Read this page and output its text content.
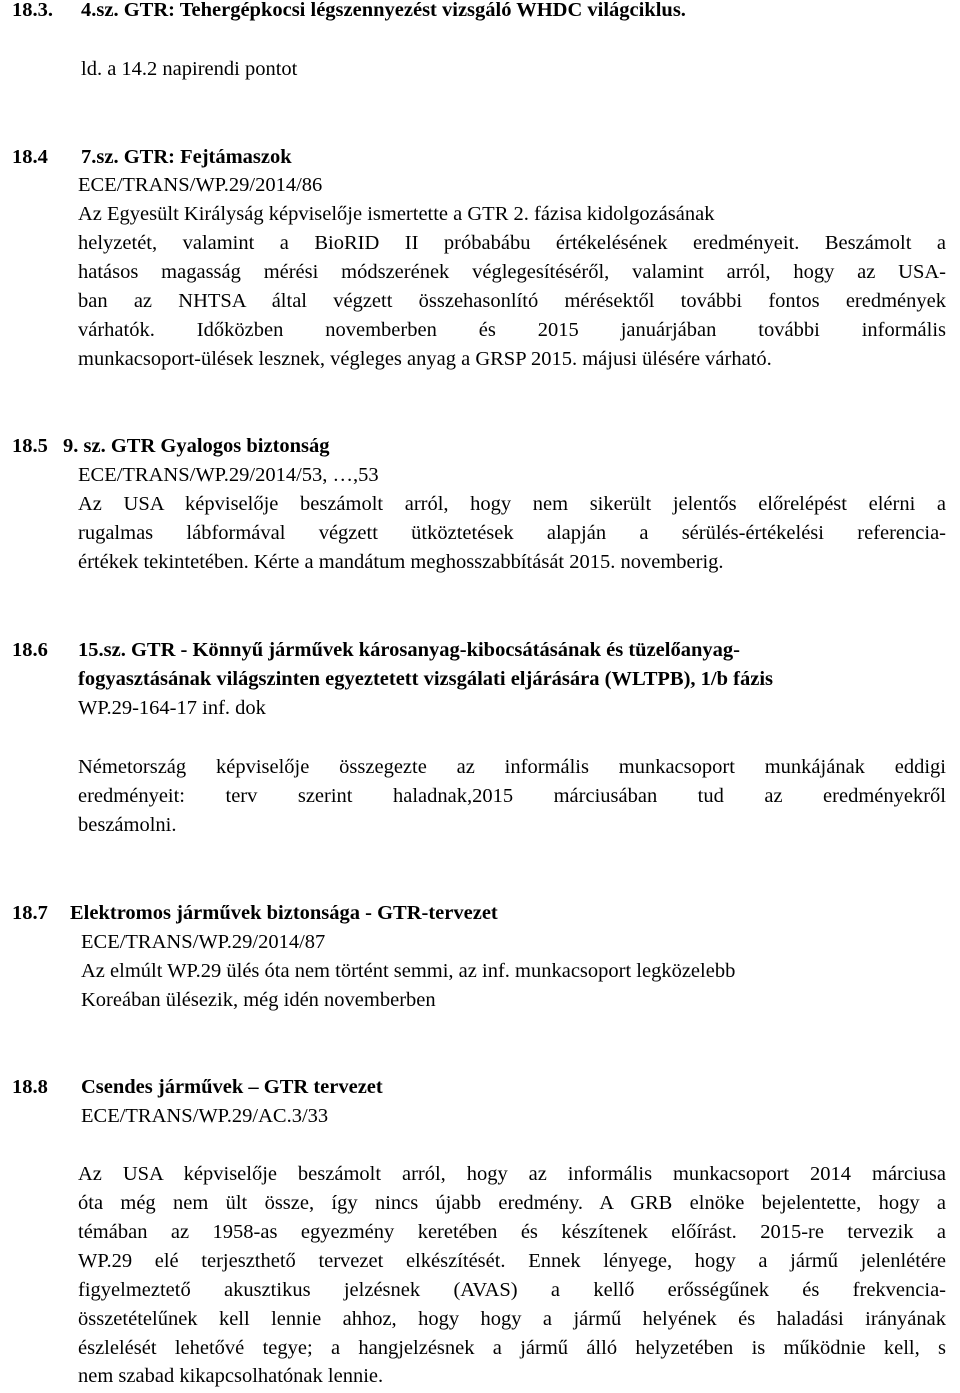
18.3. 4.sz. GTR: Tehergépkocsi légszennyezést vizsgáló WHDC világciklus.
ld. a 14.2 napirendi pontot
18.4 7.sz. GTR: Fejtámaszok
ECE/TRANS/WP.29/2014/86
Az Egyesült Királyság képviselője ismertette a GTR 2. fázisa kidolgozásának
helyzetét, valamint a BioRID II próbabábu értékelésének eredményeit. Beszámolt a
hatásos magasság mérési módszerének véglegesítéséről, valamint arról, hogy az USA-
ban az NHTSA által végzett összehasonlító mérésektől további fontos eredmények
várhatók. Időközben novemberben és 2015 januárjában további informális
munkacsoport-ülések lesznek, végleges anyag a GRSP 2015. májusi ülésére várható.
18.5 9. sz. GTR Gyalogos biztonság
ECE/TRANS/WP.29/2014/53, …,53
Az USA képviselője beszámolt arról, hogy nem sikerült jelentős előrelépést elérni a
rugalmas lábformával végzett ütköztetések alapján a sérülés-értékelési referencia-
értékek tekintetében. Kérte a mandátum meghosszabbítását 2015. novemberig.
18.6 15.sz. GTR - Könnyű járművek károsanyag-kibocsátásának és tüzelőanyag-
fogyasztásának világszinten egyeztetett vizsgálati eljárására (WLTPB), 1/b fázis
WP.29-164-17 inf. dok
Németország képviselője összegezte az informális munkacsoport munkájának eddigi
eredményeit: terv szerint haladnak,2015 márciusában tud az eredményekről
beszámolni.
18.7 Elektromos járművek biztonsága - GTR-tervezet
ECE/TRANS/WP.29/2014/87
Az elmúlt WP.29 ülés óta nem történt semmi, az inf. munkacsoport legközelebb
Koreában ülésezik, még idén novemberben
18.8 Csendes járművek – GTR tervezet
ECE/TRANS/WP.29/AC.3/33
Az USA képviselője beszámolt arról, hogy az informális munkacsoport 2014 márciusa
óta még nem ült össze, így nincs újabb eredmény. A GRB elnöke bejelentette, hogy a
témában az 1958-as egyezmény keretében és készítenek előírást. 2015-re tervezik a
WP.29 elé terjeszthető tervezet elkészítését. Ennek lényege, hogy a jármű jelenlétére
figyelmeztető akusztikus jelzésnek (AVAS) a kellő erősségűnek és frekvencia-
összetételűnek kell lennie ahhoz, hogy hogy a jármű helyének és haladási irányának
észlelését lehetővé tegye; a hangjelzésnek a jármű álló helyzetében is működnie kell, s
nem szabad kikapcsolhatónak lennie.
